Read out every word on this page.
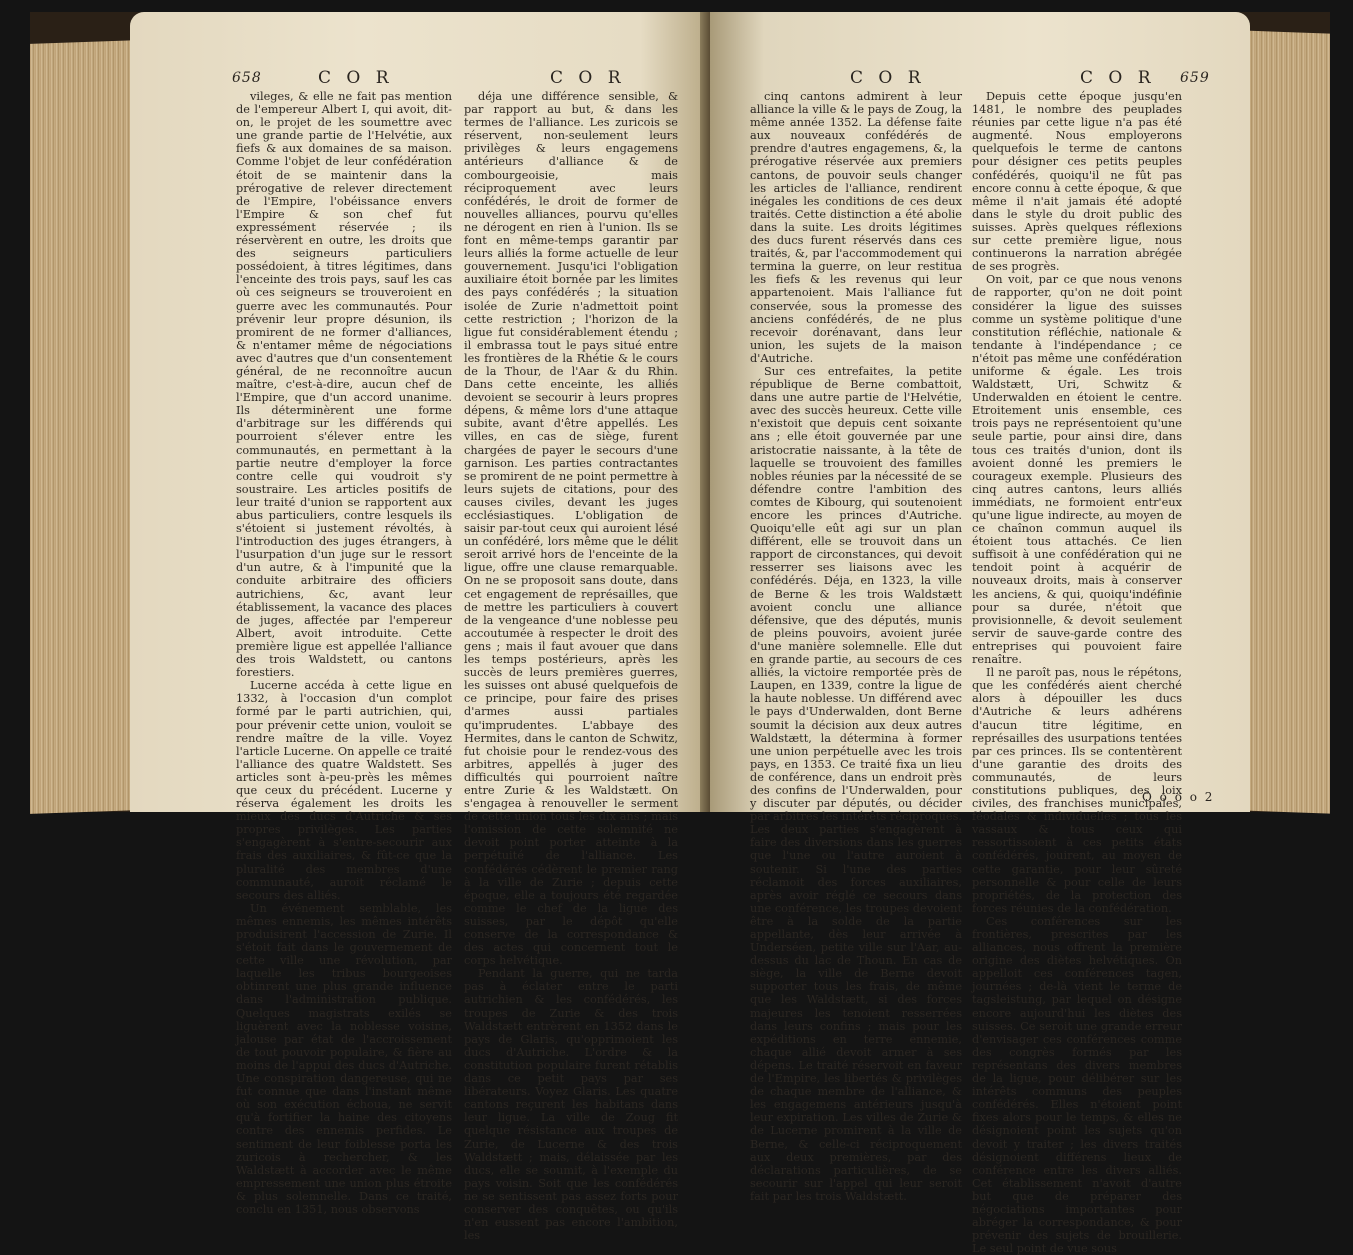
658	C O R	C O R

vileges, & elle ne fait pas mention de l'empereur Albert I, qui avoit, dit-on, le projet de les soumettre avec une grande partie de l'Helvétie, aux fiefs & aux domaines de sa maison. Comme l'objet de leur confédération étoit de se maintenir dans la prérogative de relever directement de l'Empire, l'obéissance envers l'Empire & son chef fut expressément réservée ; ils réservèrent en outre, les droits que des seigneurs particuliers possédoient, à titres légitimes, dans l'enceinte des trois pays, sauf les cas où ces seigneurs se trouveroient en guerre avec les communautés. Pour prévenir leur propre désunion, ils promirent de ne former d'alliances, & n'entamer même de négociations avec d'autres que d'un consentement général, de ne reconnoître aucun maître, c'est-à-dire, aucun chef de l'Empire, que d'un accord unanime. Ils déterminèrent une forme d'arbitrage sur les différends qui pourroient s'élever entre les communautés, en permettant à la partie neutre d'employer la force contre celle qui voudroit s'y soustraire. Les articles positifs de leur traité d'union se rapportent aux abus particuliers, contre lesquels ils s'étoient si justement révoltés, à l'introduction des juges étrangers, à l'usurpation d'un juge sur le ressort d'un autre, & à l'impunité que la conduite arbitraire des officiers autrichiens, &c, avant leur établissement, la vacance des places de juges, affectée par l'empereur Albert, avoit introduite. Cette première ligue est appellée l'alliance des trois Waldstett, ou cantons forestiers.

Lucerne accéda à cette ligue en 1332, à l'occasion d'un complot formé par le parti autrichien, qui, pour prévenir cette union, vouloit se rendre maître de la ville. Voyez l'article Lucerne. On appelle ce traité l'alliance des quatre Waldstett. Ses articles sont à-peu-près les mêmes que ceux du précédent. Lucerne y réserva également les droits les mieux des ducs d'Autriche & ses propres privilèges. Les parties s'engagèrent à s'entre-secourir aux frais des auxiliaires, & fût-ce que la pluralité des membres d'une communauté, auroit réclamé le secours des alliés.

Un événement semblable, les mêmes ennemis, les mêmes intérêts produisirent l'accession de Zurie. Il s'étoit fait dans le gouvernement de cette ville une révolution, par laquelle les tribus bourgeoises obtinrent une plus grande influence dans l'administration publique. Quelques magistrats exilés se liguèrent avec la noblesse voisine, jalouse par état de l'accroissement de tout pouvoir populaire, & fière au moins de l'appui des ducs d'Autriche. Une conspiration dangereuse, qui ne fut connue que dans l'instant même où son exécution échoua, ne servit qu'à fortifier la haine des citoyens contre des ennemis perfides. Le sentiment de leur foiblesse porta les zuricois à rechercher, & les Waldstætt à accorder avec le même empressement une union plus étroite & plus solemnelle. Dans ce traité, conclu en 1351, nous observons

déja une différence sensible, & par rapport au but, & dans les termes de l'alliance. Les zuricois se réservent, non-seulement leurs privilèges & leurs engagemens antérieurs d'alliance & de combourgeoisie, mais réciproquement avec leurs confédérés, le droit de former de nouvelles alliances, pourvu qu'elles ne dérogent en rien à l'union. Ils se font en même-temps garantir par leurs alliés la forme actuelle de leur gouvernement. Jusqu'ici l'obligation auxiliaire étoit bornée par les limites des pays confédérés ; la situation isolée de Zurie n'admettoit point cette restriction ; l'horizon de la ligue fut considérablement étendu ; il embrassa tout le pays situé entre les frontières de la Rhétie & le cours de la Thour, de l'Aar & du Rhin. Dans cette enceinte, les alliés devoient se secourir à leurs propres dépens, & même lors d'une attaque subite, avant d'être appellés. Les villes, en cas de siège, furent chargées de payer le secours d'une garnison. Les parties contractantes se promirent de ne point permettre à leurs sujets de citations, pour des causes civiles, devant les juges ecclésiastiques. L'obligation de saisir par-tout ceux qui auroient lésé un confédéré, lors même que le délit seroit arrivé hors de l'enceinte de la ligue, offre une clause remarquable. On ne se proposoit sans doute, dans cet engagement de représailles, que de mettre les particuliers à couvert de la vengeance d'une noblesse peu accoutumée à respecter le droit des gens ; mais il faut avouer que dans les temps postérieurs, après les succès de leurs premières guerres, les suisses ont abusé quelquefois de ce principe, pour faire des prises d'armes aussi partiales qu'imprudentes. L'abbaye des Hermites, dans le canton de Schwitz, fut choisie pour le rendez-vous des arbitres, appellés à juger des difficultés qui pourroient naître entre Zurie & les Waldstætt. On s'engagea à renouveller le serment de cette union tous les dix ans ; mais l'omission de cette solemnité ne devoit point porter atteinte à la perpétuité de l'alliance. Les confédérés cédèrent le premier rang à la ville de Zurie ; depuis cette époque, elle a toujours été regardée comme le chef de la ligue des suisses, par le dépôt qu'elle conserve de la correspondance & des actes qui concernent tout le corps helvétique.

Pendant la guerre, qui ne tarda pas à éclater entre le parti autrichien & les confédérés, les troupes de Zurie & des trois Waldstætt entrèrent en 1352 dans le pays de Glaris, qu'opprimoient les ducs d'Autriche. L'ordre & la constitution populaire furent rétablis dans ce petit pays par ses libérateurs. Voyez Glaris. Les quatre cantons reçurent les habitans dans leur ligue. La ville de Zoug fit quelque résistance aux troupes de Zurie, de Lucerne & des trois Waldstætt ; mais, délaissée par les ducs, elle se soumit, à l'exemple du pays voisin. Soit que les confédérés ne se sentissent pas assez forts pour conserver des conquêtes, ou qu'ils n'en eussent pas encore l'ambition, les

C O R	C O R 659

cinq cantons admirent à leur alliance la ville & le pays de Zoug, la même année 1352. La défense faite aux nouveaux confédérés de prendre d'autres engagemens, &, la prérogative réservée aux premiers cantons, de pouvoir seuls changer les articles de l'alliance, rendirent inégales les conditions de ces deux traités. Cette distinction a été abolie dans la suite. Les droits légitimes des ducs furent réservés dans ces traités, &, par l'accommodement qui termina la guerre, on leur restitua les fiefs & les revenus qui leur appartenoient. Mais l'alliance fut conservée, sous la promesse des anciens confédérés, de ne plus recevoir dorénavant, dans leur union, les sujets de la maison d'Autriche.

Sur ces entrefaites, la petite république de Berne combattoit, dans une autre partie de l'Helvétie, avec des succès heureux. Cette ville n'existoit que depuis cent soixante ans ; elle étoit gouvernée par une aristocratie naissante, à la tête de laquelle se trouvoient des familles nobles réunies par la nécessité de se défendre contre l'ambition des comtes de Kibourg, qui soutenoient encore les princes d'Autriche. Quoiqu'elle eût agi sur un plan différent, elle se trouvoit dans un rapport de circonstances, qui devoit resserrer ses liaisons avec les confédérés. Déja, en 1323, la ville de Berne & les trois Waldstætt avoient conclu une alliance défensive, que des députés, munis de pleins pouvoirs, avoient jurée d'une manière solemnelle. Elle dut en grande partie, au secours de ces alliés, la victoire remportée près de Laupen, en 1339, contre la ligue de la haute noblesse. Un différend avec le pays d'Underwalden, dont Berne soumit la décision aux deux autres Waldstætt, la détermina à former une union perpétuelle avec les trois pays, en 1353. Ce traité fixa un lieu de conférence, dans un endroit près des confins de l'Underwalden, pour y discuter par députés, ou décider par arbitres les intérêts réciproques. Les deux parties s'engagèrent à faire des diversions dans les guerres que l'une ou l'autre auroient à soutenir. Si l'une des parties réclamoit des forces auxiliaires, après avoir réglé ce secours dans une conférence, les troupes devoient être à la solde de la partie appellante, dès leur arrivée à Underséen, petite ville sur l'Aar, au-dessus du lac de Thoun. En cas de siège, la ville de Berne devoit supporter tous les frais, de même que les Waldstætt, si des forces majeures les tenoient resserrées dans leurs confins ; mais pour les expéditions en terre ennemie, chaque allié devoit armer à ses dépens. Le traité réservoit en faveur de l'Empire, les libertés & privilèges de chaque membre de l'alliance, & les engagemens antérieurs jusqu'à leur expiration. Les villes de Zurie & de Lucerne promirent à la ville de Berne, & celle-ci réciproquement aux deux premières, par des déclarations particulières, de se secourir sur l'appel qui leur seroit fait par les trois Waldstætt.

Depuis cette époque jusqu'en 1481, le nombre des peuplades réunies par cette ligue n'a pas été augmenté. Nous employerons quelquefois le terme de cantons pour désigner ces petits peuples confédérés, quoiqu'il ne fût pas encore connu à cette époque, & que même il n'ait jamais été adopté dans le style du droit public des suisses. Après quelques réflexions sur cette première ligue, nous continuerons la narration abrégée de ses progrès.

On voit, par ce que nous venons de rapporter, qu'on ne doit point considérer la ligue des suisses comme un système politique d'une constitution réfléchie, nationale & tendante à l'indépendance ; ce n'étoit pas même une confédération uniforme & égale. Les trois Waldstætt, Uri, Schwitz & Underwalden en étoient le centre. Etroitement unis ensemble, ces trois pays ne représentoient qu'une seule partie, pour ainsi dire, dans tous ces traités d'union, dont ils avoient donné les premiers le courageux exemple. Plusieurs des cinq autres cantons, leurs alliés immédiats, ne formoient entr'eux qu'une ligue indirecte, au moyen de ce chaînon commun auquel ils étoient tous attachés. Ce lien suffisoit à une confédération qui ne tendoit point à acquérir de nouveaux droits, mais à conserver les anciens, & qui, quoiqu'indéfinie pour sa durée, n'étoit que provisionnelle, & devoit seulement servir de sauve-garde contre des entreprises qui pouvoient faire renaître.

Il ne paroît pas, nous le répétons, que les confédérés aient cherché alors à dépouiller les ducs d'Autriche & leurs adhérens d'aucun titre légitime, en représailles des usurpations tentées par ces princes. Ils se contentèrent d'une garantie des droits des communautés, de leurs constitutions publiques, des loix civiles, des franchises municipales, féodales & individuelles ; tous les vassaux & tous ceux qui ressortissoient à ces petits états confédérés, jouirent, au moyen de cette garantie, pour leur sûreté personnelle & pour celle de leurs propriétés, de la protection des forces réunies de la confédération.

Ces conférences sur les frontières, prescrites par les alliances, nous offrent la première origine des diètes helvétiques. On appelloit ces conférences tagen, journées ; de-là vient le terme de tagsleistung, par lequel on désigne encore aujourd'hui les diètes des suisses. Ce seroit une grande erreur d'envisager ces conférences comme des congrès formés par les représentans des divers membres de la ligue, pour délibérer sur les intérêts communs des peuples confédérés. Elles n'étoient point fixes alors pour le temps, & elles ne désignoient point les sujets qu'on devoit y traiter ; les divers traités désignoient différens lieux de conférence entre les divers alliés. Cet établissement n'avoit d'autre but que de préparer des négociations importantes pour abréger la correspondance, & pour prévenir des sujets de brouillerie. Le seul point de vue sous

O o o o 2
